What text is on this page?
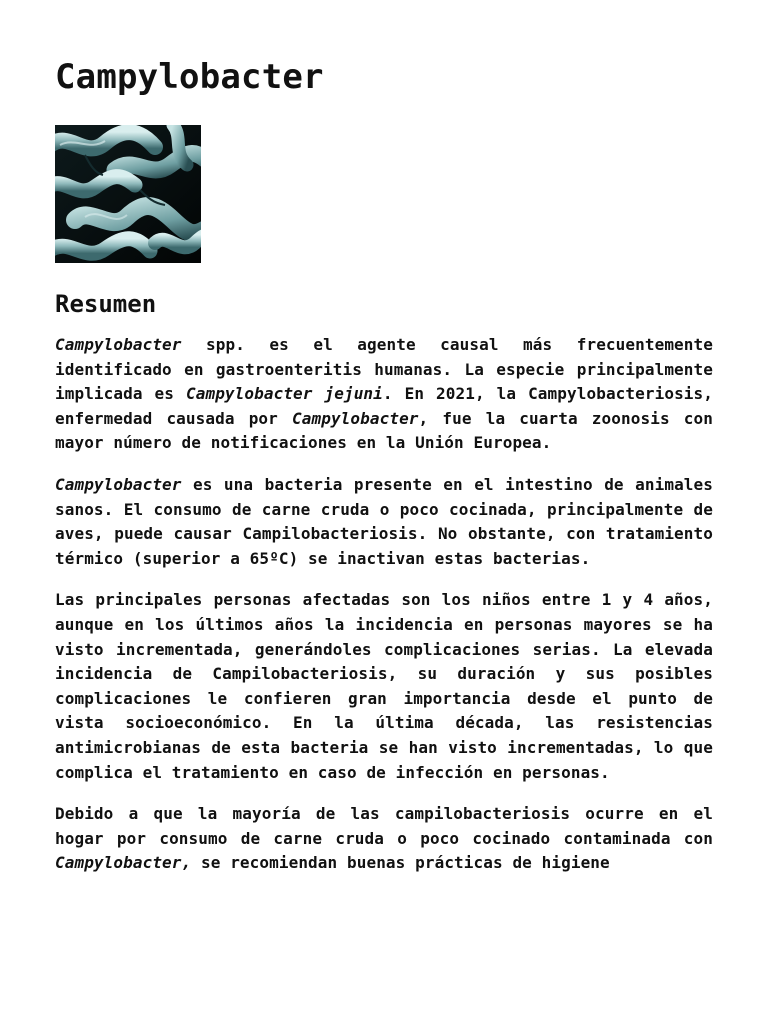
Campylobacter
Resumen

Campylobacter spp. es el agente causal más frecuentemente identificado en gastroenteritis humanas. La especie principalmente implicada es Campylobacter jejuni. En 2021, la Campylobacteriosis, enfermedad causada por Campylobacter, fue la cuarta zoonosis con mayor número de notificaciones en la Unión Europea.

Campylobacter es una bacteria presente en el intestino de animales sanos. El consumo de carne cruda o poco cocinada, principalmente de aves, puede causar Campilobacteriosis. No obstante, con tratamiento térmico (superior a 65ºC) se inactivan estas bacterias.

Las principales personas afectadas son los niños entre 1 y 4 años, aunque en los últimos años la incidencia en personas mayores se ha visto incrementada, generándoles complicaciones serias. La elevada incidencia de Campilobacteriosis, su duración y sus posibles complicaciones le confieren gran importancia desde el punto de vista socioeconómico. En la última década, las resistencias antimicrobianas de esta bacteria se han visto incrementadas, lo que complica el tratamiento en caso de infección en personas.

Debido a que la mayoría de las campilobacteriosis ocurre en el hogar por consumo de carne cruda o poco cocinado contaminada con Campylobacter, se recomiendan buenas prácticas de higiene
